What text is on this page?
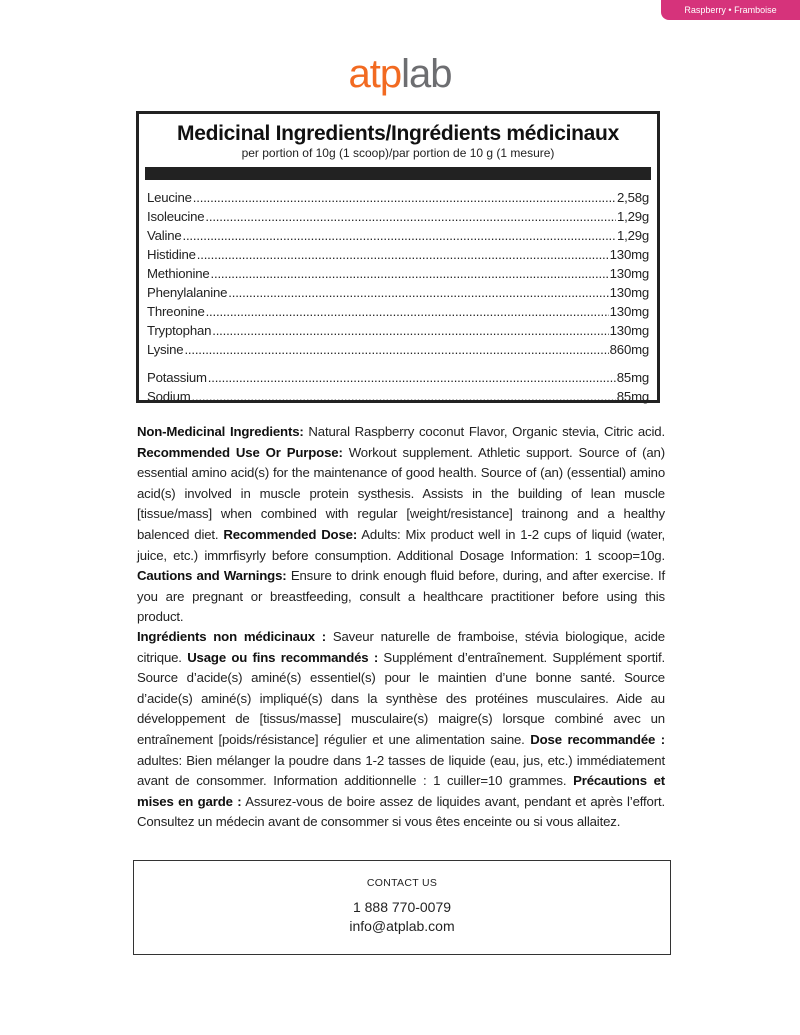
Raspberry • Framboise
atplab
Medicinal Ingredients/Ingrédients médicinaux
per portion of 10g (1 scoop)/par portion de 10 g (1 mesure)
Leucine .....	2,58g
Isoleucine .....	1,29g
Valine .....	1,29g
Histidine .....	130mg
Methionine .....	130mg
Phenylalanine .....	130mg
Threonine .....	130mg
Tryptophan .....	130mg
Lysine .....	860mg
Potassium .....	85mg
Sodium .....	85mg
Non-Medicinal Ingredients: Natural Raspberry coconut Flavor, Organic stevia, Citric acid. Recommended Use Or Purpose: Workout supplement. Athletic support. Source of (an) essential amino acid(s) for the maintenance of good health. Source of (an) (essential) amino acid(s) involved in muscle protein systhesis. Assists in the building of lean muscle [tissue/mass] when combined with regular [weight/resistance] trainong and a healthy balenced diet. Recommended Dose: Adults: Mix product well in 1-2 cups of liquid (water, juice, etc.) immrfisyrly before consumption. Additional Dosage Information: 1 scoop=10g. Cautions and Warnings: Ensure to drink enough fluid before, during, and after exercise. If you are pregnant or breastfeeding, consult a healthcare practitioner before using this product.
Ingrédients non médicinaux : Saveur naturelle de framboise, stévia biologique, acide citrique. Usage ou fins recommandés : Supplément d’entraînement. Supplément sportif. Source d’acide(s) aminé(s) essentiel(s) pour le maintien d’une bonne santé. Source d’acide(s) aminé(s) impliqué(s) dans la synthèse des protéines musculaires. Aide au développement de [tissus/masse] musculaire(s) maigre(s) lorsque combiné avec un entraînement [poids/résistance] régulier et une alimentation saine. Dose recommandée : adultes: Bien mélanger la poudre dans 1-2 tasses de liquide (eau, jus, etc.) immédiatement avant de consommer. Information additionnelle : 1 cuiller=10 grammes. Précautions et mises en garde : Assurez-vous de boire assez de liquides avant, pendant et après l’effort. Consultez un médecin avant de consommer si vous êtes enceinte ou si vous allaitez.
CONTACT US
1 888 770-0079
info@atplab.com
